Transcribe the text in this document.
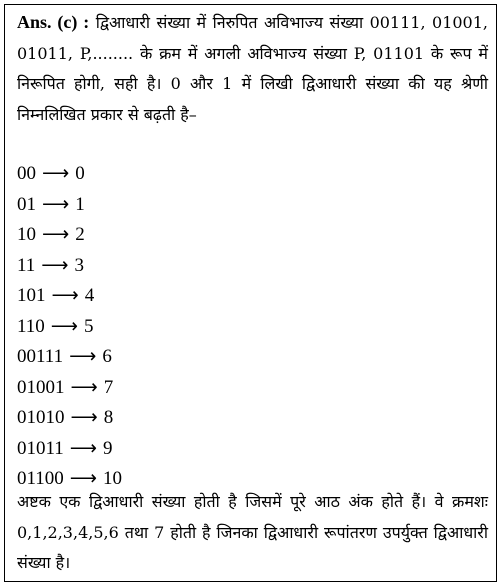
Ans. (c) : द्विआधारी संख्या में निरुपित अविभाज्य संख्या 00111, 01001, 01011, P,........ के क्रम में अगली अविभाज्य संख्या P, 01101 के रूप में निरूपित होगी, सही है। 0 और 1 में लिखी द्विआधारी संख्या की यह श्रेणी निम्नलिखित प्रकार से बढ़ती है–

00 ⟶ 0
01 ⟶ 1
10 ⟶ 2
11 ⟶ 3
101 ⟶ 4
110 ⟶ 5
00111 ⟶ 6
01001 ⟶ 7
01010 ⟶ 8
01011 ⟶ 9
01100 ⟶ 10

अष्टक एक द्विआधारी संख्या होती है जिसमें पूरे आठ अंक होते हैं। वे क्रमशः 0,1,2,3,4,5,6 तथा 7 होती है जिनका द्विआधारी रूपांतरण उपर्युक्त द्विआधारी संख्या है।
